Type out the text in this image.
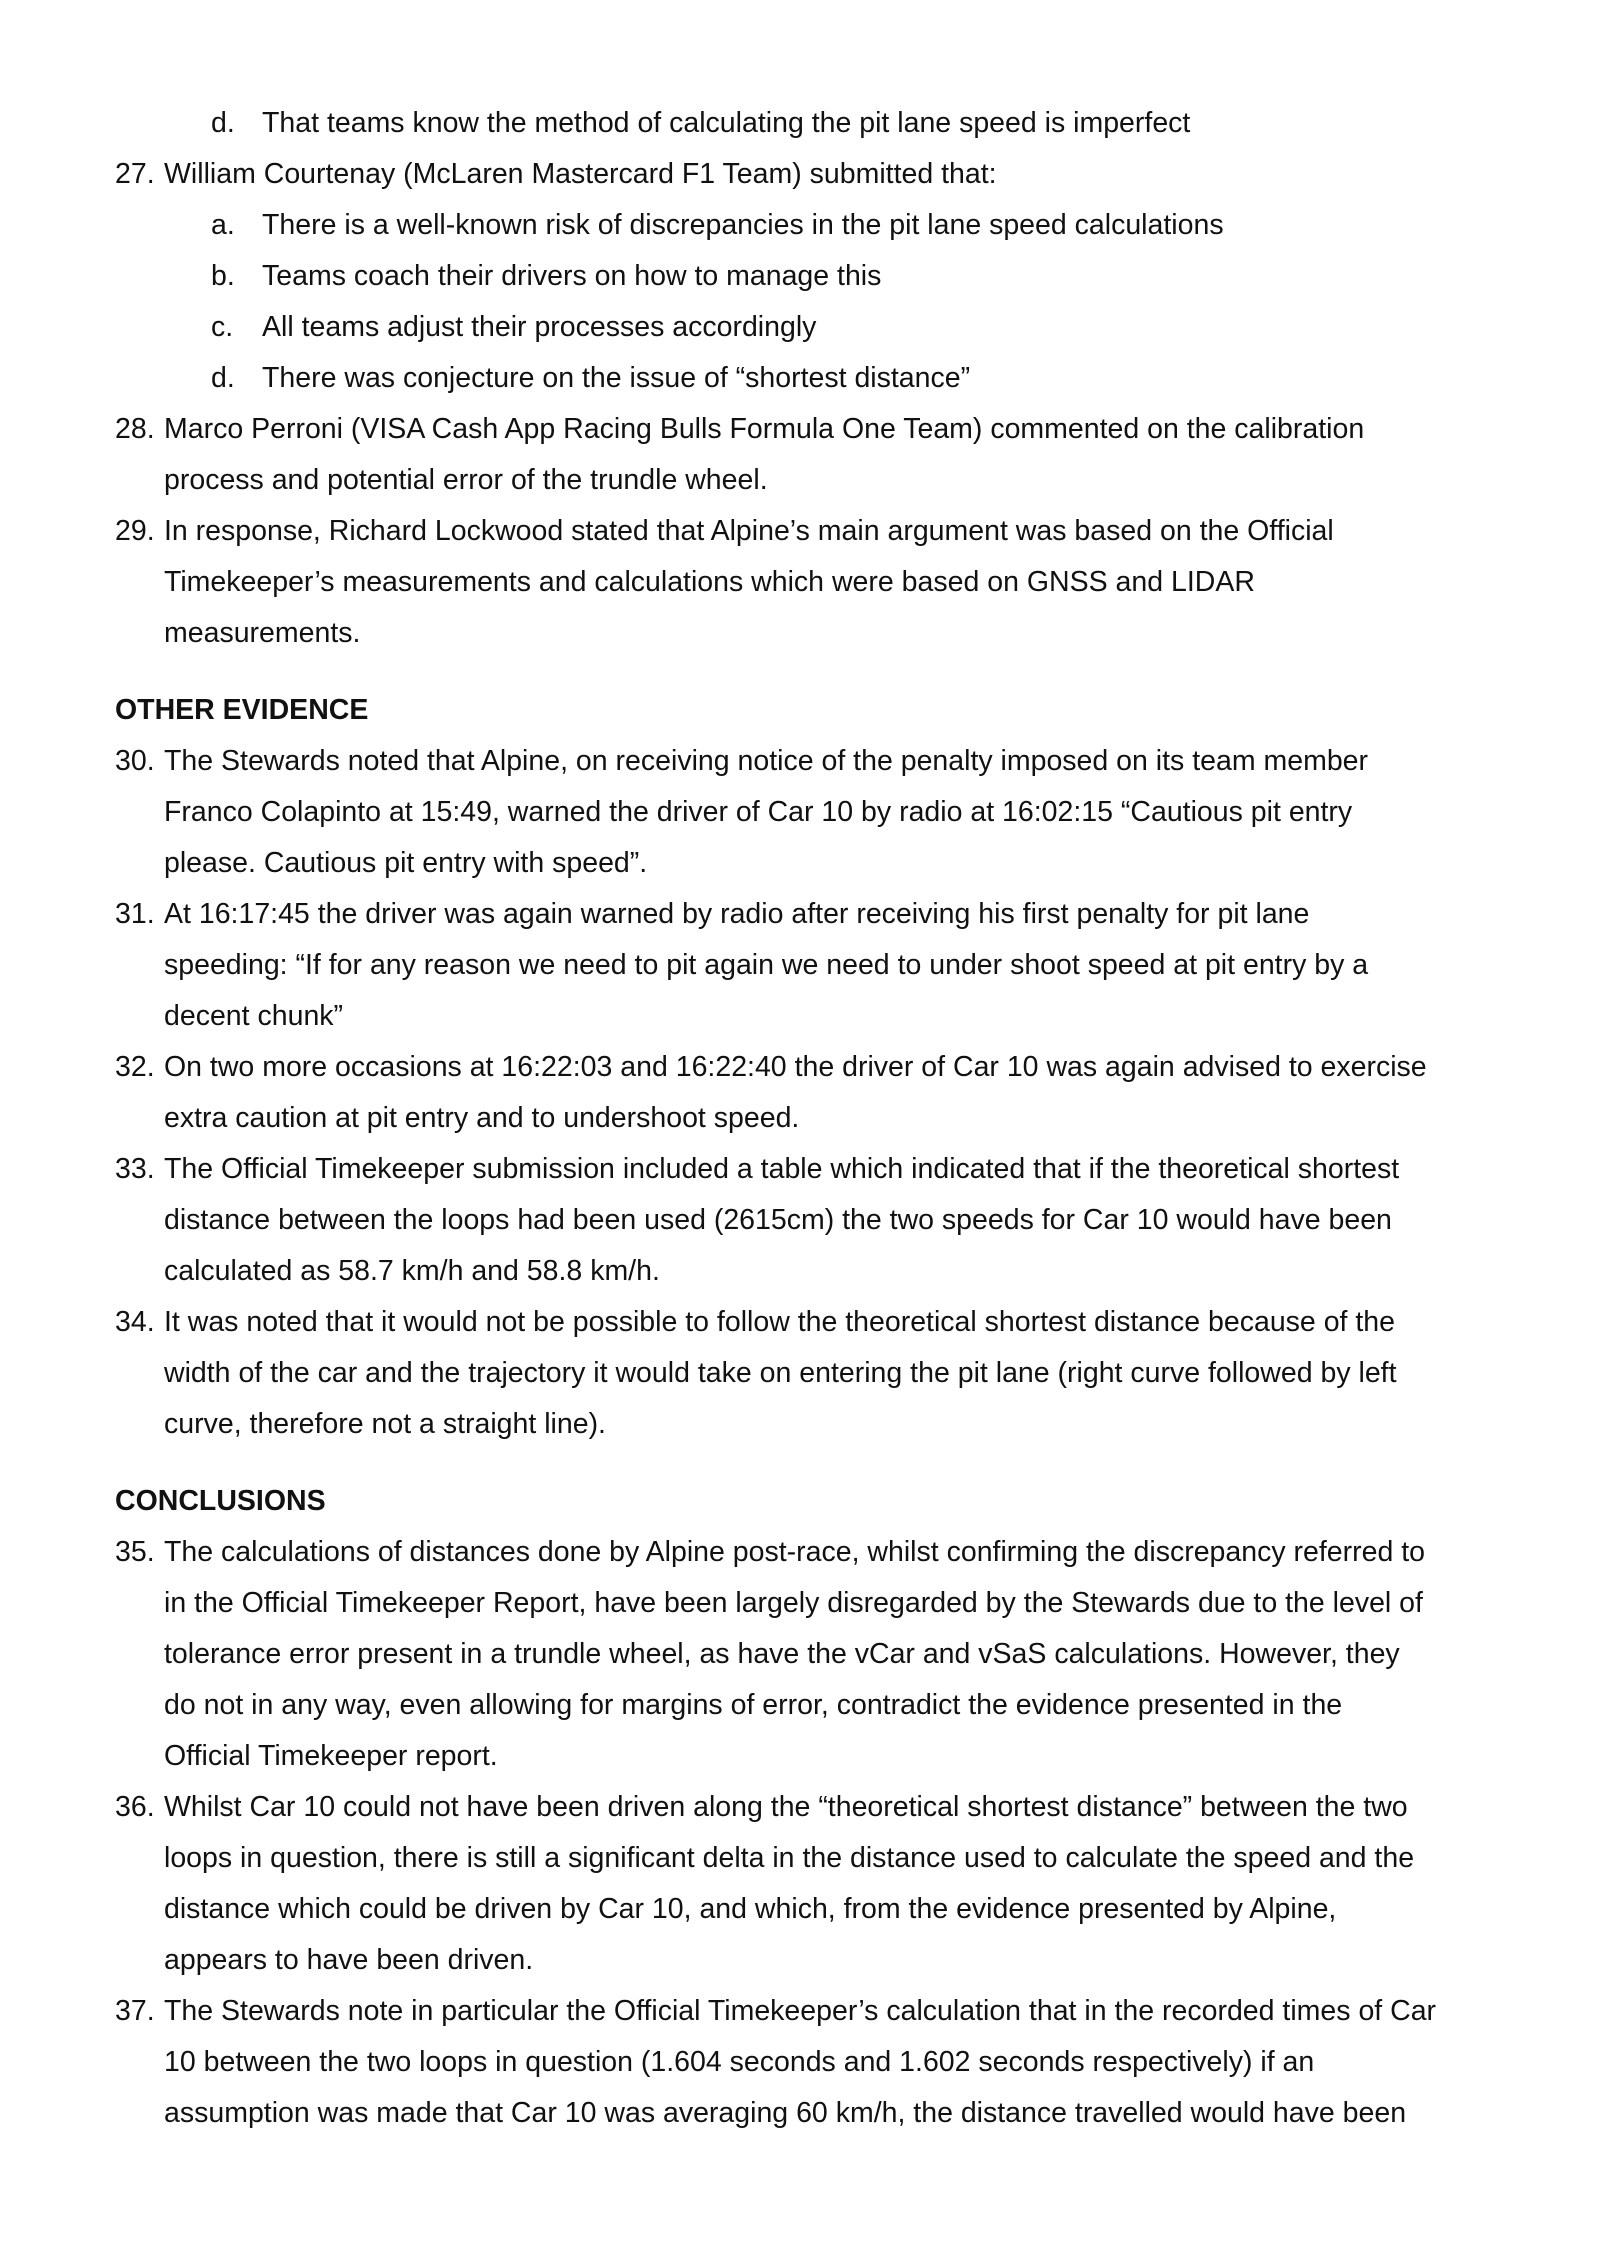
d. That teams know the method of calculating the pit lane speed is imperfect
27. William Courtenay (McLaren Mastercard F1 Team) submitted that:
a. There is a well-known risk of discrepancies in the pit lane speed calculations
b. Teams coach their drivers on how to manage this
c. All teams adjust their processes accordingly
d. There was conjecture on the issue of “shortest distance”
28. Marco Perroni (VISA Cash App Racing Bulls Formula One Team) commented on the calibration
process and potential error of the trundle wheel.
29. In response, Richard Lockwood stated that Alpine’s main argument was based on the Official
Timekeeper’s measurements and calculations which were based on GNSS and LIDAR
measurements.
OTHER EVIDENCE
30. The Stewards noted that Alpine, on receiving notice of the penalty imposed on its team member
Franco Colapinto at 15:49, warned the driver of Car 10 by radio at 16:02:15 “Cautious pit entry
please. Cautious pit entry with speed”.
31. At 16:17:45 the driver was again warned by radio after receiving his first penalty for pit lane
speeding: “If for any reason we need to pit again we need to under shoot speed at pit entry by a
decent chunk”
32. On two more occasions at 16:22:03 and 16:22:40 the driver of Car 10 was again advised to exercise
extra caution at pit entry and to undershoot speed.
33. The Official Timekeeper submission included a table which indicated that if the theoretical shortest
distance between the loops had been used (2615cm) the two speeds for Car 10 would have been
calculated as 58.7 km/h and 58.8 km/h.
34. It was noted that it would not be possible to follow the theoretical shortest distance because of the
width of the car and the trajectory it would take on entering the pit lane (right curve followed by left
curve, therefore not a straight line).
CONCLUSIONS
35. The calculations of distances done by Alpine post-race, whilst confirming the discrepancy referred to
in the Official Timekeeper Report, have been largely disregarded by the Stewards due to the level of
tolerance error present in a trundle wheel, as have the vCar and vSaS calculations. However, they
do not in any way, even allowing for margins of error, contradict the evidence presented in the
Official Timekeeper report.
36. Whilst Car 10 could not have been driven along the “theoretical shortest distance” between the two
loops in question, there is still a significant delta in the distance used to calculate the speed and the
distance which could be driven by Car 10, and which, from the evidence presented by Alpine,
appears to have been driven.
37. The Stewards note in particular the Official Timekeeper’s calculation that in the recorded times of Car
10 between the two loops in question (1.604 seconds and 1.602 seconds respectively) if an
assumption was made that Car 10 was averaging 60 km/h, the distance travelled would have been
